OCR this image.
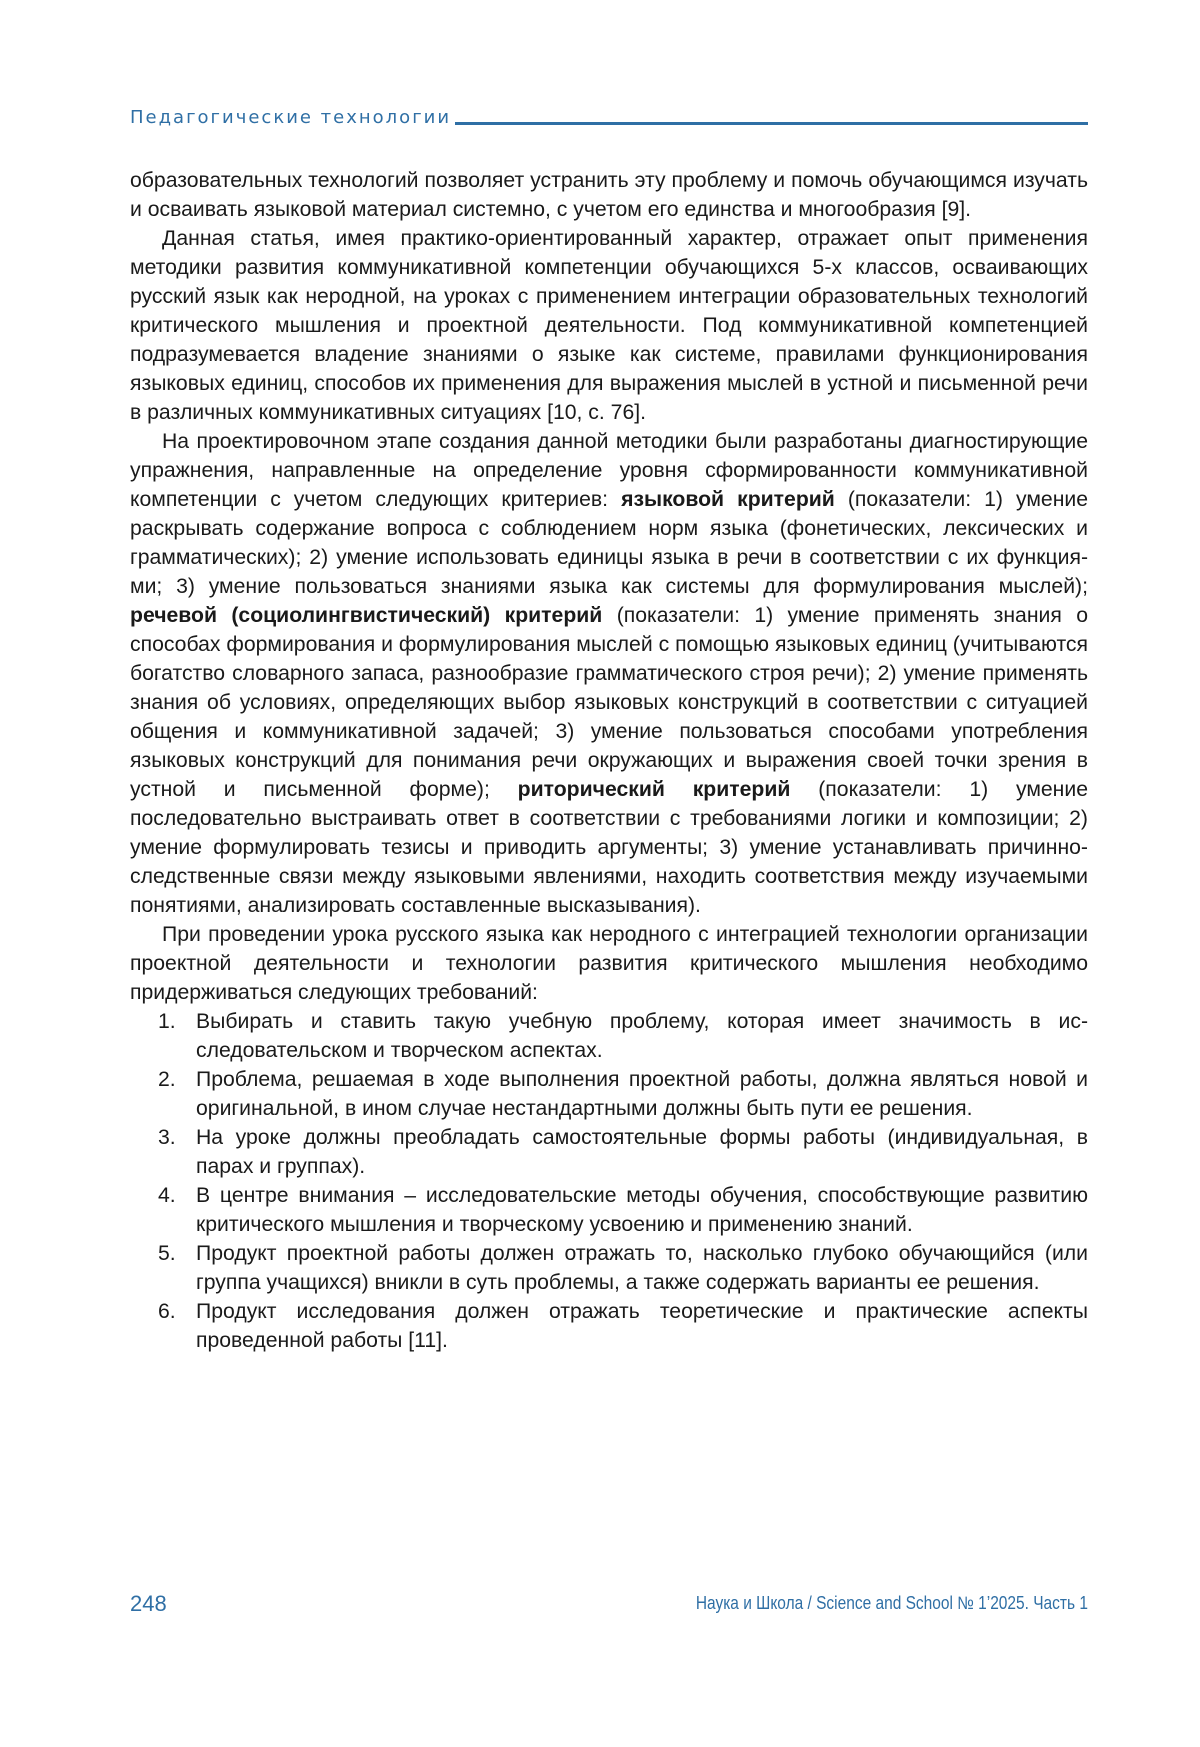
Педагогические технологии

образовательных технологий позволяет устранить эту проблему и помочь обучающимся изучать и осваивать языковой материал системно, с учетом его единства и многообразия [9].

Данная статья, имея практико-ориентированный характер, отражает опыт применения методики развития коммуникативной компетенции обучающихся 5-х классов, осваивающих русский язык как неродной, на уроках с применением интеграции образовательных технологий критического мышления и проектной деятельности. Под коммуникативной компетенцией подразумевается владение знаниями о языке как системе, правилами функционирования языковых единиц, способов их применения для выражения мыслей в устной и письменной речи в различных коммуникативных ситуациях [10, с. 76].

На проектировочном этапе создания данной методики были разработаны диагностирующие упражнения, направленные на определение уровня сформированности коммуникативной компетенции с учетом следующих критериев: языковой критерий (показатели: 1) умение раскрывать содержание вопроса с соблюдением норм языка (фонетических, лексических и грамматических); 2) умение использовать единицы языка в речи в соответствии с их функциями; 3) умение пользоваться знаниями языка как системы для формулирования мыслей); речевой (социолингвистический) критерий (показатели: 1) умение применять знания о способах формирования и формулирования мыслей с помощью языковых единиц (учитываются богатство словарного запаса, разнообразие грамматического строя речи); 2) умение применять знания об условиях, определяющих выбор языковых конструкций в соответствии с ситуацией общения и коммуникативной задачей; 3) умение пользоваться способами употребления языковых конструкций для понимания речи окружающих и выражения своей точки зрения в устной и письменной форме); риторический критерий (показатели: 1) умение последовательно выстраивать ответ в соответствии с требованиями логики и композиции; 2) умение формулировать тезисы и приводить аргументы; 3) умение устанавливать причинно-следственные связи между языковыми явлениями, находить соответствия между изучаемыми понятиями, анализировать составленные высказывания).

При проведении урока русского языка как неродного с интеграцией технологии организации проектной деятельности и технологии развития критического мышления необходимо придерживаться следующих требований:

1. Выбирать и ставить такую учебную проблему, которая имеет значимость в исследовательском и творческом аспектах.
2. Проблема, решаемая в ходе выполнения проектной работы, должна являться новой и оригинальной, в ином случае нестандартными должны быть пути ее решения.
3. На уроке должны преобладать самостоятельные формы работы (индивидуальная, в парах и группах).
4. В центре внимания – исследовательские методы обучения, способствующие развитию критического мышления и творческому усвоению и применению знаний.
5. Продукт проектной работы должен отражать то, насколько глубоко обучающийся (или группа учащихся) вникли в суть проблемы, а также содержать варианты ее решения.
6. Продукт исследования должен отражать теоретические и практические аспекты проведенной работы [11].
248	Наука и Школа / Science and School № 1’2025. Часть 1
